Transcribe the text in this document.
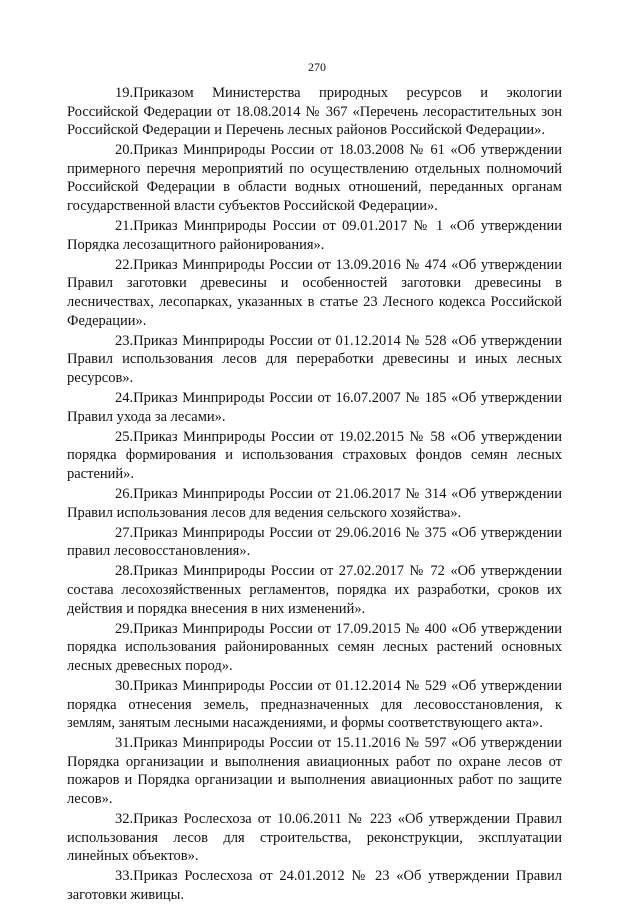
270

19.Приказом Министерства природных ресурсов и экологии Российской Федерации от 18.08.2014 № 367 «Перечень лесорастительных зон Российской Федерации и Перечень лесных районов Российской Федерации».

20.Приказ Минприроды России от 18.03.2008 № 61 «Об утверждении примерного перечня мероприятий по осуществлению отдельных полномочий Российской Федерации в области водных отношений, переданных органам государственной власти субъектов Российской Федерации».

21.Приказ Минприроды России от 09.01.2017 № 1 «Об утверждении Порядка лесозащитного районирования».

22.Приказ Минприроды России от 13.09.2016 № 474 «Об утверждении Правил заготовки древесины и особенностей заготовки древесины в лесничествах, лесопарках, указанных в статье 23 Лесного кодекса Российской Федерации».

23.Приказ Минприроды России от 01.12.2014 № 528 «Об утверждении Правил использования лесов для переработки древесины и иных лесных ресурсов».

24.Приказ Минприроды России от 16.07.2007 № 185 «Об утверждении Правил ухода за лесами».

25.Приказ Минприроды России от 19.02.2015 № 58 «Об утверждении порядка формирования и использования страховых фондов семян лесных растений».

26.Приказ Минприроды России от 21.06.2017 № 314 «Об утверждении Правил использования лесов для ведения сельского хозяйства».

27.Приказ Минприроды России от 29.06.2016 № 375 «Об утверждении правил лесовосстановления».

28.Приказ Минприроды России от 27.02.2017 № 72 «Об утверждении состава лесохозяйственных регламентов, порядка их разработки, сроков их действия и порядка внесения в них изменений».

29.Приказ Минприроды России от 17.09.2015 № 400 «Об утверждении порядка использования районированных семян лесных растений основных лесных древесных пород».

30.Приказ Минприроды России от 01.12.2014 № 529 «Об утверждении порядка отнесения земель, предназначенных для лесовосстановления, к землям, занятым лесными насаждениями, и формы соответствующего акта».

31.Приказ Минприроды России от 15.11.2016 № 597 «Об утверждении Порядка организации и выполнения авиационных работ по охране лесов от пожаров и Порядка организации и выполнения авиационных работ по защите лесов».

32.Приказ Рослесхоза от 10.06.2011 № 223 «Об утверждении Правил использования лесов для строительства, реконструкции, эксплуатации линейных объектов».

33.Приказ Рослесхоза от 24.01.2012 № 23 «Об утверждении Правил заготовки живицы.
